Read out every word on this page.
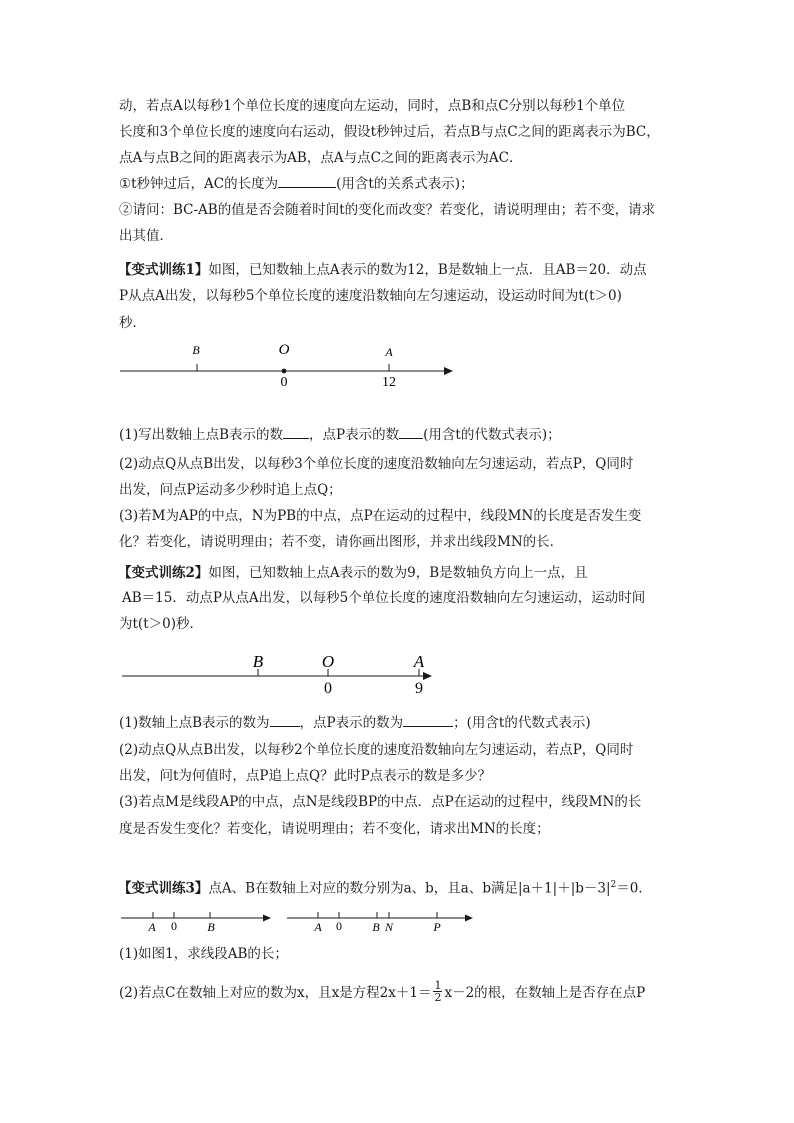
动，若点A以每秒1个单位长度的速度向左运动，同时，点B和点C分别以每秒1个单位
长度和3个单位长度的速度向右运动，假设t秒钟过后，若点B与点C之间的距离表示为BC，
点A与点B之间的距离表示为AB，点A与点C之间的距离表示为AC．
①t秒钟过后，AC的长度为	(用含t的关系式表示)；
②请问：BC-AB的值是否会随着时间t的变化而改变？若变化，请说明理由；若不变，请求
出其值．
【变式训练1】如图，已知数轴上点A表示的数为12，B是数轴上一点．且AB＝20．动点
P从点A出发，以每秒5个单位长度的速度沿数轴向左匀速运动，设运动时间为t(t＞0)
秒．
B	O	A
0	12
(1)写出数轴上点B表示的数 ，点P表示的数 (用含t的代数式表示)；
(2)动点Q从点B出发，以每秒3个单位长度的速度沿数轴向左匀速运动，若点P，Q同时
出发，问点P运动多少秒时追上点Q；
(3)若M为AP的中点，N为PB的中点，点P在运动的过程中，线段MN的长度是否发生变
化？若变化，请说明理由；若不变，请你画出图形，并求出线段MN的长．
【变式训练2】如图，已知数轴上点A表示的数为9，B是数轴负方向上一点，且
AB＝15．动点P从点A出发，以每秒5个单位长度的速度沿数轴向左匀速运动，运动时间
为t(t＞0)秒．
B	O	A
0	9
(1)数轴上点B表示的数为 ，点P表示的数为	；(用含t的代数式表示)
(2)动点Q从点B出发，以每秒2个单位长度的速度沿数轴向左匀速运动，若点P，Q同时
出发，问t为何值时，点P追上点Q？此时P点表示的数是多少？
(3)若点M是线段AP的中点，点N是线段BP的中点．点P在运动的过程中，线段MN的长
度是否发生变化？若变化，请说明理由；若不变化，请求出MN的长度；
【变式训练3】点A、B在数轴上对应的数分别为a、b，且a、b满足$|a+1|+|b-3|^2=0$．
A 0	B	A 0	B N	P
(1)如图1，求线段AB的长；
(2)若点C在数轴上对应的数为x，且x是方程$2x+1= \frac{1}{2} x-2$的根，在数轴上是否存在点P
